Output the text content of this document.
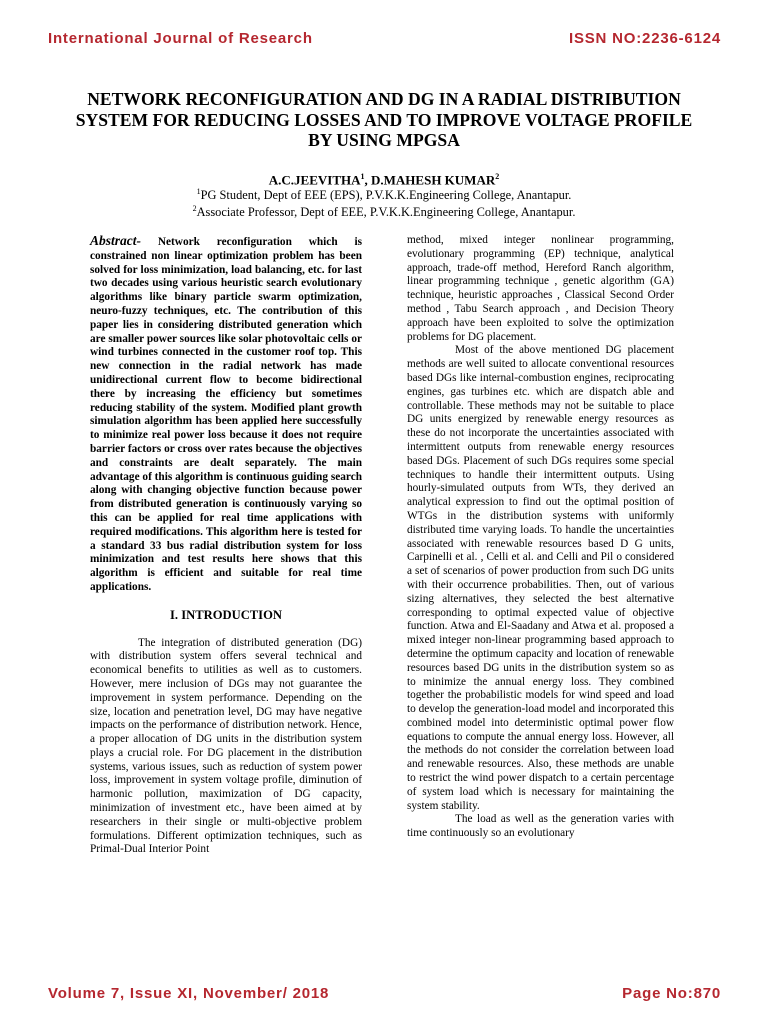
International Journal of Research	ISSN NO:2236-6124
NETWORK RECONFIGURATION AND DG IN A RADIAL DISTRIBUTION SYSTEM FOR REDUCING LOSSES AND TO IMPROVE VOLTAGE PROFILE BY USING MPGSA
A.C.JEEVITHA$^1$, D.MAHESH KUMAR$^2$
$^1$PG Student, Dept of EEE (EPS), P.V.K.K.Engineering College, Anantapur.
$^2$Associate Professor, Dept of EEE, P.V.K.K.Engineering College, Anantapur.

Abstract- Network reconfiguration which is constrained non linear optimization problem has been solved for loss minimization, load balancing, etc. for last two decades using various heuristic search evolutionary algorithms like binary particle swarm optimization, neuro-fuzzy techniques, etc. The contribution of this paper lies in considering distributed generation which are smaller power sources like solar photovoltaic cells or wind turbines connected in the customer roof top. This new connection in the radial network has made unidirectional current flow to become bidirectional there by increasing the efficiency but sometimes reducing stability of the system. Modified plant growth simulation algorithm has been applied here successfully to minimize real power loss because it does not require barrier factors or cross over rates because the objectives and constraints are dealt separately. The main advantage of this algorithm is continuous guiding search along with changing objective function because power from distributed generation is continuously varying so this can be applied for real time applications with required modifications. This algorithm here is tested for a standard 33 bus radial distribution system for loss minimization and test results here shows that this algorithm is efficient and suitable for real time applications.

I. INTRODUCTION

The integration of distributed generation (DG) with distribution system offers several technical and economical benefits to utilities as well as to customers. However, mere inclusion of DGs may not guarantee the improvement in system performance. Depending on the size, location and penetration level, DG may have negative impacts on the performance of distribution network. Hence, a proper allocation of DG units in the distribution system plays a crucial role. For DG placement in the distribution systems, various issues, such as reduction of system power loss, improvement in system voltage profile, diminution of harmonic pollution, maximization of DG capacity, minimization of investment etc., have been aimed at by researchers in their single or multi-objective problem formulations. Different optimization techniques, such as Primal-Dual Interior Point

method, mixed integer nonlinear programming, evolutionary programming (EP) technique, analytical approach, trade-off method, Hereford Ranch algorithm, linear programming technique , genetic algorithm (GA) technique, heuristic approaches , Classical Second Order method , Tabu Search approach , and Decision Theory approach have been exploited to solve the optimization problems for DG placement.

Most of the above mentioned DG placement methods are well suited to allocate conventional resources based DGs like internal-combustion engines, reciprocating engines, gas turbines etc. which are dispatch able and controllable. These methods may not be suitable to place DG units energized by renewable energy resources as these do not incorporate the uncertainties associated with intermittent outputs from renewable energy resources based DGs. Placement of such DGs requires some special techniques to handle their intermittent outputs. Using hourly-simulated outputs from WTs, they derived an analytical expression to find out the optimal position of WTGs in the distribution systems with uniformly distributed time varying loads. To handle the uncertainties associated with renewable resources based D G units, Carpinelli et al. , Celli et al. and Celli and Pil o considered a set of scenarios of power production from such DG units with their occurrence probabilities. Then, out of various sizing alternatives, they selected the best alternative corresponding to optimal expected value of objective function. Atwa and El-Saadany and Atwa et al. proposed a mixed integer non-linear programming based approach to determine the optimum capacity and location of renewable resources based DG units in the distribution system so as to minimize the annual energy loss. They combined together the probabilistic models for wind speed and load to develop the generation-load model and incorporated this combined model into deterministic optimal power flow equations to compute the annual energy loss. However, all the methods do not consider the correlation between load and renewable resources. Also, these methods are unable to restrict the wind power dispatch to a certain percentage of system load which is necessary for maintaining the system stability.

The load as well as the generation varies with time continuously so an evolutionary

Volume 7, Issue XI, November/ 2018	Page No:870
